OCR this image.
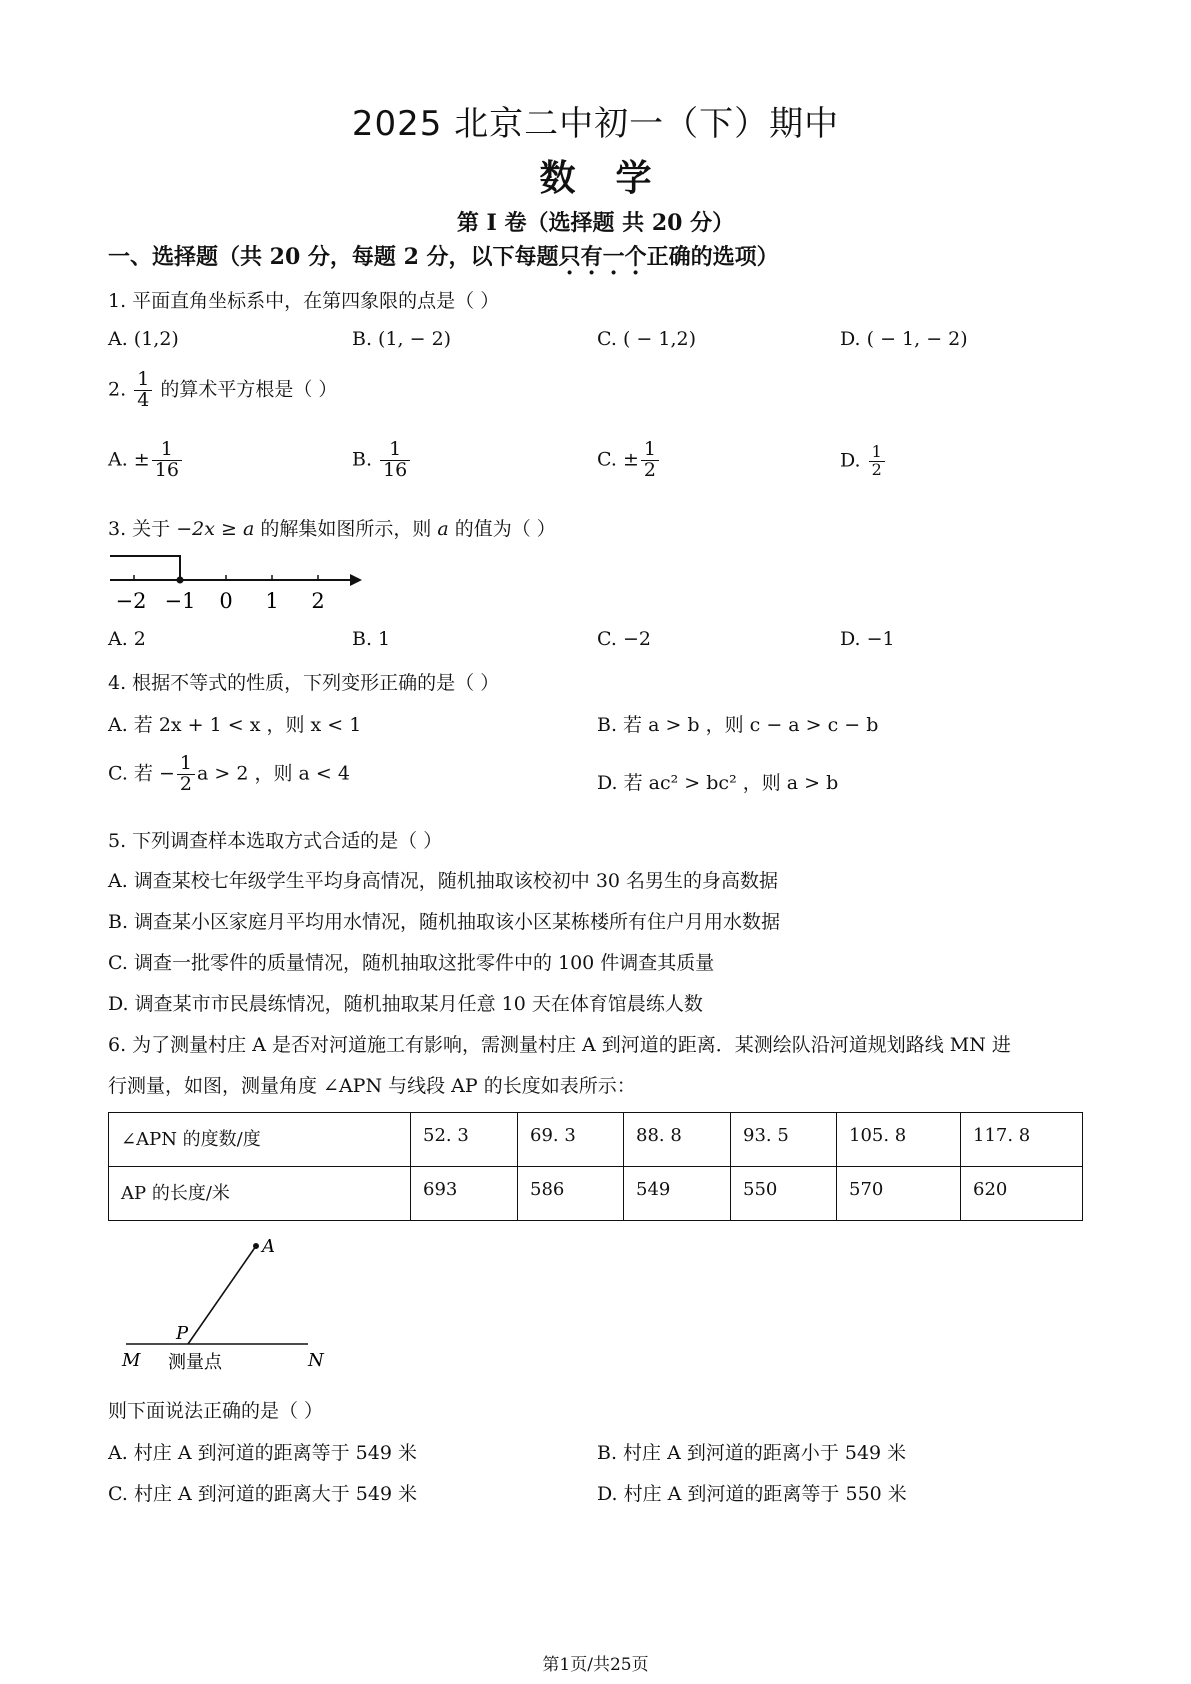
2025 北京二中初一（下）期中
数学
第 I 卷（选择题 共 20 分）
一、选择题（共 20 分，每题 2 分，以下每题只有一个正确的选项）
1. 平面直角坐标系中，在第四象限的点是（ ）
A. (1,2)	B. (1, − 2)	C. ( − 1,2)	D. ( − 1, − 2)
2. $\frac{1}{4}$ 的算术平方根是（ ）
A. ± $\frac{1}{16}$	B. $\frac{1}{16}$	C. ± $\frac{1}{2}$	D. $\frac{1}{2}$
3. 关于 −2x ≥ a 的解集如图所示，则 a 的值为（ ）
−2 −1 0 1 2
A. 2	B. 1	C. −2	D. −1
4. 根据不等式的性质，下列变形正确的是（ ）
A. 若 2x + 1 < x ，则 x < 1	B. 若 a > b ，则 c − a > c − b
C. 若 − $\frac{1}{2}$ a > 2 ，则 a < 4	D. 若 ac² > bc² ，则 a > b
5. 下列调查样本选取方式合适的是（ ）
A. 调查某校七年级学生平均身高情况，随机抽取该校初中 30 名男生的身高数据
B. 调查某小区家庭月平均用水情况，随机抽取该小区某栋楼所有住户月用水数据
C. 调查一批零件的质量情况，随机抽取这批零件中的 100 件调查其质量
D. 调查某市市民晨练情况，随机抽取某月任意 10 天在体育馆晨练人数
6. 为了测量村庄 A 是否对河道施工有影响，需测量村庄 A 到河道的距离．某测绘队沿河道规划路线 MN 进
行测量，如图，测量角度 ∠APN 与线段 AP 的长度如表所示：
∠APN 的度数/度	52. 3	69. 3	88. 8	93. 5	105. 8	117. 8
AP 的长度/米	693	586	549	550	570	620
A
P
M	N
测量点
则下面说法正确的是（ ）
A. 村庄 A 到河道的距离等于 549 米	B. 村庄 A 到河道的距离小于 549 米
C. 村庄 A 到河道的距离大于 549 米	D. 村庄 A 到河道的距离等于 550 米
第1页/共25页
